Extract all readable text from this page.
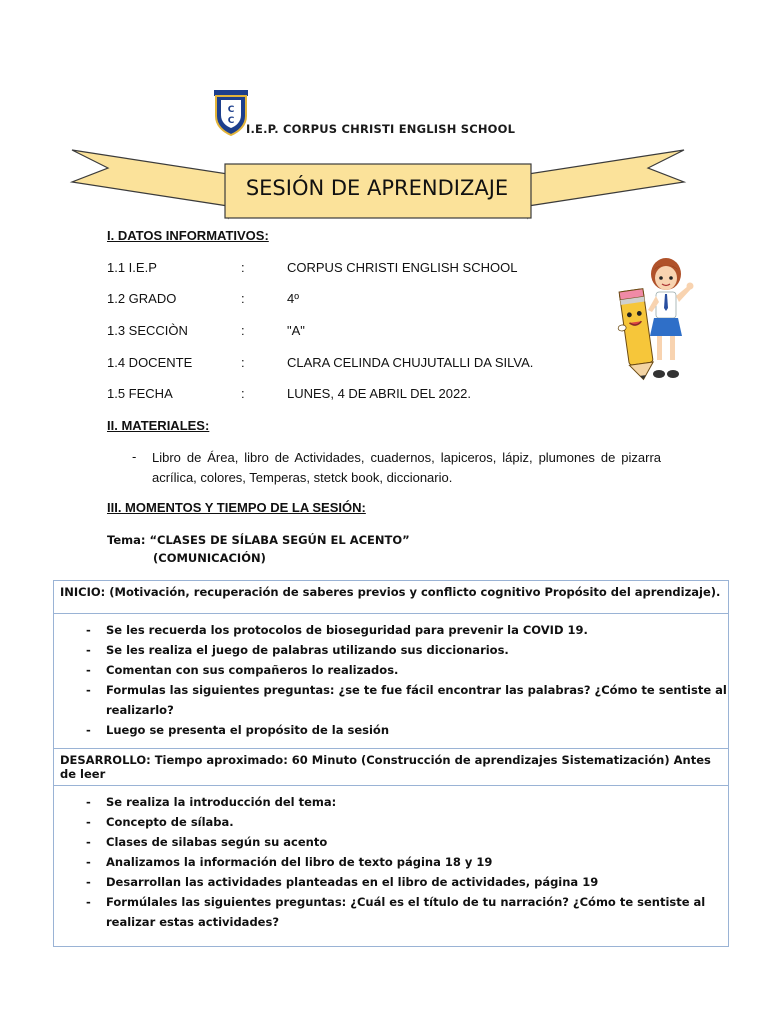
C
C
I.E.P. CORPUS CHRISTI ENGLISH SCHOOL
SESIÓN DE APRENDIZAJE
I. DATOS INFORMATIVOS:
1.1 I.E.P	:	CORPUS CHRISTI ENGLISH SCHOOL
1.2 GRADO	:	4º
1.3 SECCIÒN	:	"A"
1.4 DOCENTE	:	CLARA CELINDA CHUJUTALLI DA SILVA.
1.5 FECHA	:	LUNES, 4 DE ABRIL DEL 2022.
II. MATERIALES:
- Libro de Área, libro de Actividades, cuadernos, lapiceros, lápiz, plumones de pizarra acrílica, colores, Temperas, stetck book, diccionario.
III. MOMENTOS Y TIEMPO DE LA SESIÓN:
Tema: “CLASES DE SÍLABA SEGÚN EL ACENTO”
(COMUNICACIÓN)
INICIO: (Motivación, recuperación de saberes previos y conflicto cognitivo Propósito del aprendizaje).

- Se les recuerda los protocolos de bioseguridad para prevenir la COVID 19.
- Se les realiza el juego de palabras utilizando sus diccionarios.
- Comentan con sus compañeros lo realizados.
- Formulas las siguientes preguntas: ¿se te fue fácil encontrar las palabras? ¿Cómo te sentiste al realizarlo?
- Luego se presenta el propósito de la sesión

DESARROLLO: Tiempo aproximado: 60 Minuto (Construcción de aprendizajes Sistematización) Antes de leer

- Se realiza la introducción del tema:
- Concepto de sílaba.
- Clases de silabas según su acento
- Analizamos la información del libro de texto página 18 y 19
- Desarrollan las actividades planteadas en el libro de actividades, página 19
- Formúlales las siguientes preguntas: ¿Cuál es el título de tu narración? ¿Cómo te sentiste al realizar estas actividades?
